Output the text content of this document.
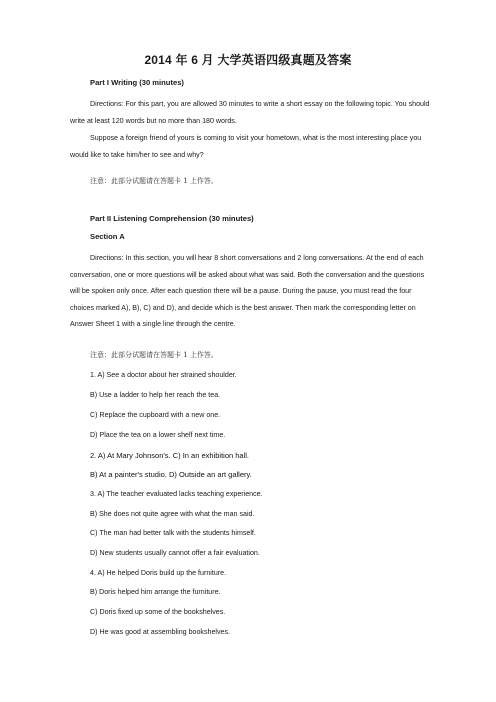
2014 年 6 月 大学英语四级真题及答案
Part I Writing (30 minutes)

Directions: For this part, you are allowed 30 minutes to write a short essay on the following topic. You should write at least 120 words but no more than 180 words.

Suppose a foreign friend of yours is coming to visit your hometown, what is the most interesting place you would like to take him/her to see and why?

注意：此部分试题请在答题卡 1 上作答。
Part II Listening Comprehension (30 minutes)
Section A

Directions: In this section, you will hear 8 short conversations and 2 long conversations. At the end of each conversation, one or more questions will be asked about what was said. Both the conversation and the questions will be spoken only once. After each question there will be a pause. During the pause, you must read the four choices marked A), B), C) and D), and decide which is the best answer. Then mark the corresponding letter on Answer Sheet 1 with a single line through the centre.

注意：此部分试题请在答题卡 1 上作答。
1. A) See a doctor about her strained shoulder.
B) Use a ladder to help her reach the tea.
C) Replace the cupboard with a new one.
D) Place the tea on a lower shelf next time.
2. A) At Mary Johnson's. C) In an exhibition hall.
B) At a painter's studio. D) Outside an art gallery.
3. A) The teacher evaluated lacks teaching experience.
B) She does not quite agree with what the man said.
C) The man had better talk with the students himself.
D) New students usually cannot offer a fair evaluation.
4. A) He helped Doris build up the furniture.
B) Doris helped him arrange the furniture.
C) Doris fixed up some of the bookshelves.
D) He was good at assembling bookshelves.
